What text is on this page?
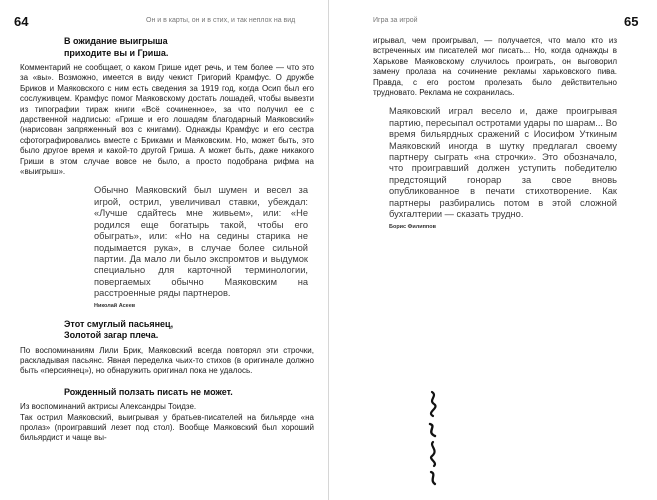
64	Он и в карты, он и в стих, и так неплох на вид
В ожидание выигрыша
приходите вы и Гриша.

Комментарий не сообщает, о каком Грише идет речь, и тем более — что это за «вы». Возможно, имеется в виду чекист Григорий Крамфус. О дружбе Бриков и Маяковского с ним есть сведения за 1919 год, когда Осип был его сослуживцем. Крамфус помог Маяковскому достать лошадей, чтобы вывезти из типографии тираж книги «Всё сочиненное», за что получил ее с дарственной надписью: «Грише и его лошадям благодарный Маяковский» (нарисован запряженный воз с книгами). Однажды Крамфус и его сестра сфотографировались вместе с Бриками и Маяковским. Но, может быть, это было другое время и какой-то другой Гриша. А может быть, даже никакого Гриши в этом случае вовсе не было, а просто подобрана рифма на «выигрыш».

Обычно Маяковский был шумен и весел за игрой, острил, увеличивал ставки, убеждал: «Лучше сдайтесь мне живьем», или: «Не родился еще богатырь такой, чтобы его обыграть», или: «Но на седины старика не подымается рука», в случае более сильной партии. Да мало ли было экспромтов и выдумок специально для карточной терминологии, повергаемых обычно Маяковским на расстроенные ряды партнеров.

Николай Асеев
Этот смуглый пасьянец,
Золотой загар плеча.

По воспоминаниям Лили Брик, Маяковский всегда повторял эти строчки, раскладывая пасьянс. Явная переделка чьих-то стихов (в оригинале должно быть «персиянец»), но обнаружить оригинал пока не удалось.

Рожденный ползать писать не может.

Из воспоминаний актрисы Александры Тоидзе.

Так острил Маяковский, выигрывая у братьев-писателей на бильярде «на пролаз» (проигравший лезет под стол). Вообще Маяковский был хороший бильярдист и чаще вы-

Игра за игрой	65

игрывал, чем проигрывал, — получается, что мало кто из встреченных им писателей мог писать... Но, когда однажды в Харькове Маяковскому случилось проиграть, он выговорил замену пролаза на сочинение рекламы харьковского пива. Правда, с его ростом пролезать было действительно трудновато. Реклама не сохранилась.

Маяковский играл весело и, даже проигрывая партию, пересыпал остротами удары по шарам... Во время бильярдных сражений с Иосифом Уткиным Маяковский иногда в шутку предлагал своему партнеру сыграть «на строчки». Это обозначало, что проигравший должен уступить победителю предстоящий гонорар за свое вновь опубликованное в печати стихотворение. Как партнеры разбирались потом в этой сложной бухгалтерии — сказать трудно.

Борис Филиппов
